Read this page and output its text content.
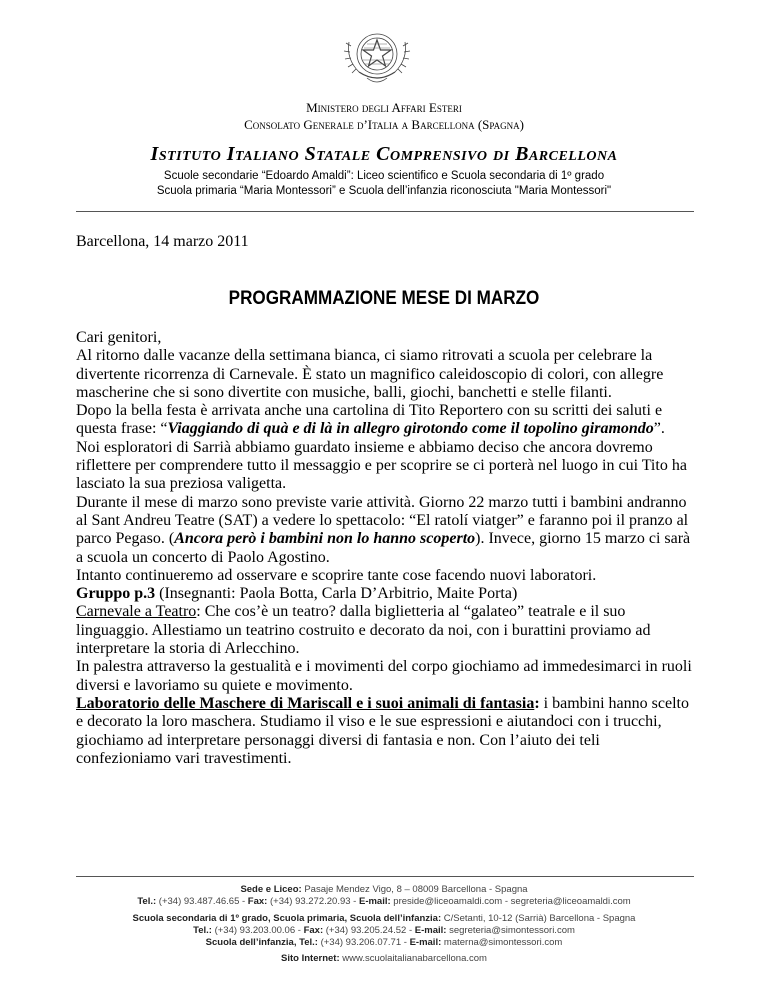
Ministero degli Affari Esteri
Consolato Generale d’Italia a Barcellona (Spagna)
Istituto Italiano Statale Comprensivo di Barcellona
Scuole secondarie “Edoardo Amaldi”: Liceo scientifico e Scuola secondaria di 1º grado
Scuola primaria “Maria Montessori” e Scuola dell’infanzia riconosciuta "Maria Montessori"
Barcellona, 14 marzo 2011
PROGRAMMAZIONE MESE DI MARZO

Cari genitori,

Al ritorno dalle vacanze della settimana bianca, ci siamo ritrovati a scuola per celebrare la divertente ricorrenza di Carnevale. È stato un magnifico caleidoscopio di colori, con allegre mascherine che si sono divertite con musiche, balli, giochi, banchetti e stelle filanti.

Dopo la bella festa è arrivata anche una cartolina di Tito Reportero con su scritti dei saluti e questa frase: “Viaggiando di quà e di là in allegro girotondo come il topolino giramondo”.

Noi esploratori di Sarrià abbiamo guardato insieme e abbiamo deciso che ancora dovremo riflettere per comprendere tutto il messaggio e per scoprire se ci porterà nel luogo in cui Tito ha lasciato la sua preziosa valigetta.

Durante il mese di marzo sono previste varie attività. Giorno 22 marzo tutti i bambini andranno al Sant Andreu Teatre (SAT) a vedere lo spettacolo: “El ratolí viatger” e faranno poi il pranzo al parco Pegaso. (Ancora però i bambini non lo hanno scoperto). Invece, giorno 15 marzo ci sarà a scuola un concerto di Paolo Agostino.

Intanto continueremo ad osservare e scoprire tante cose facendo nuovi laboratori.

Gruppo p.3 (Insegnanti: Paola Botta, Carla D’Arbitrio, Maite Porta)

Carnevale a Teatro: Che cos’è un teatro? dalla biglietteria al “galateo” teatrale e il suo linguaggio. Allestiamo un teatrino costruito e decorato da noi, con i burattini proviamo ad interpretare la storia di Arlecchino.

In palestra attraverso la gestualità e i movimenti del corpo giochiamo ad immedesimarci in ruoli diversi e lavoriamo su quiete e movimento.

Laboratorio delle Maschere di Mariscall e i suoi animali di fantasia: i bambini hanno scelto e decorato la loro maschera. Studiamo il viso e le sue espressioni e aiutandoci con i trucchi, giochiamo ad interpretare personaggi diversi di fantasia e non. Con l’aiuto dei teli confezioniamo vari travestimenti.

Sede e Liceo: Pasaje Mendez Vigo, 8 – 08009 Barcellona - Spagna
Tel.: (+34) 93.487.46.65 - Fax: (+34) 93.272.20.93 - E-mail: preside@liceoamaldi.com - segreteria@liceoamaldi.com
Scuola secondaria di 1º grado, Scuola primaria, Scuola dell’infanzia: C/Setanti, 10-12 (Sarrià) Barcellona - Spagna
Tel.: (+34) 93.203.00.06 - Fax: (+34) 93.205.24.52 - E-mail: segreteria@simontessori.com
Scuola dell’infanzia, Tel.: (+34) 93.206.07.71 - E-mail: materna@simontessori.com
Sito Internet: www.scuolaitalianabarcellona.com
